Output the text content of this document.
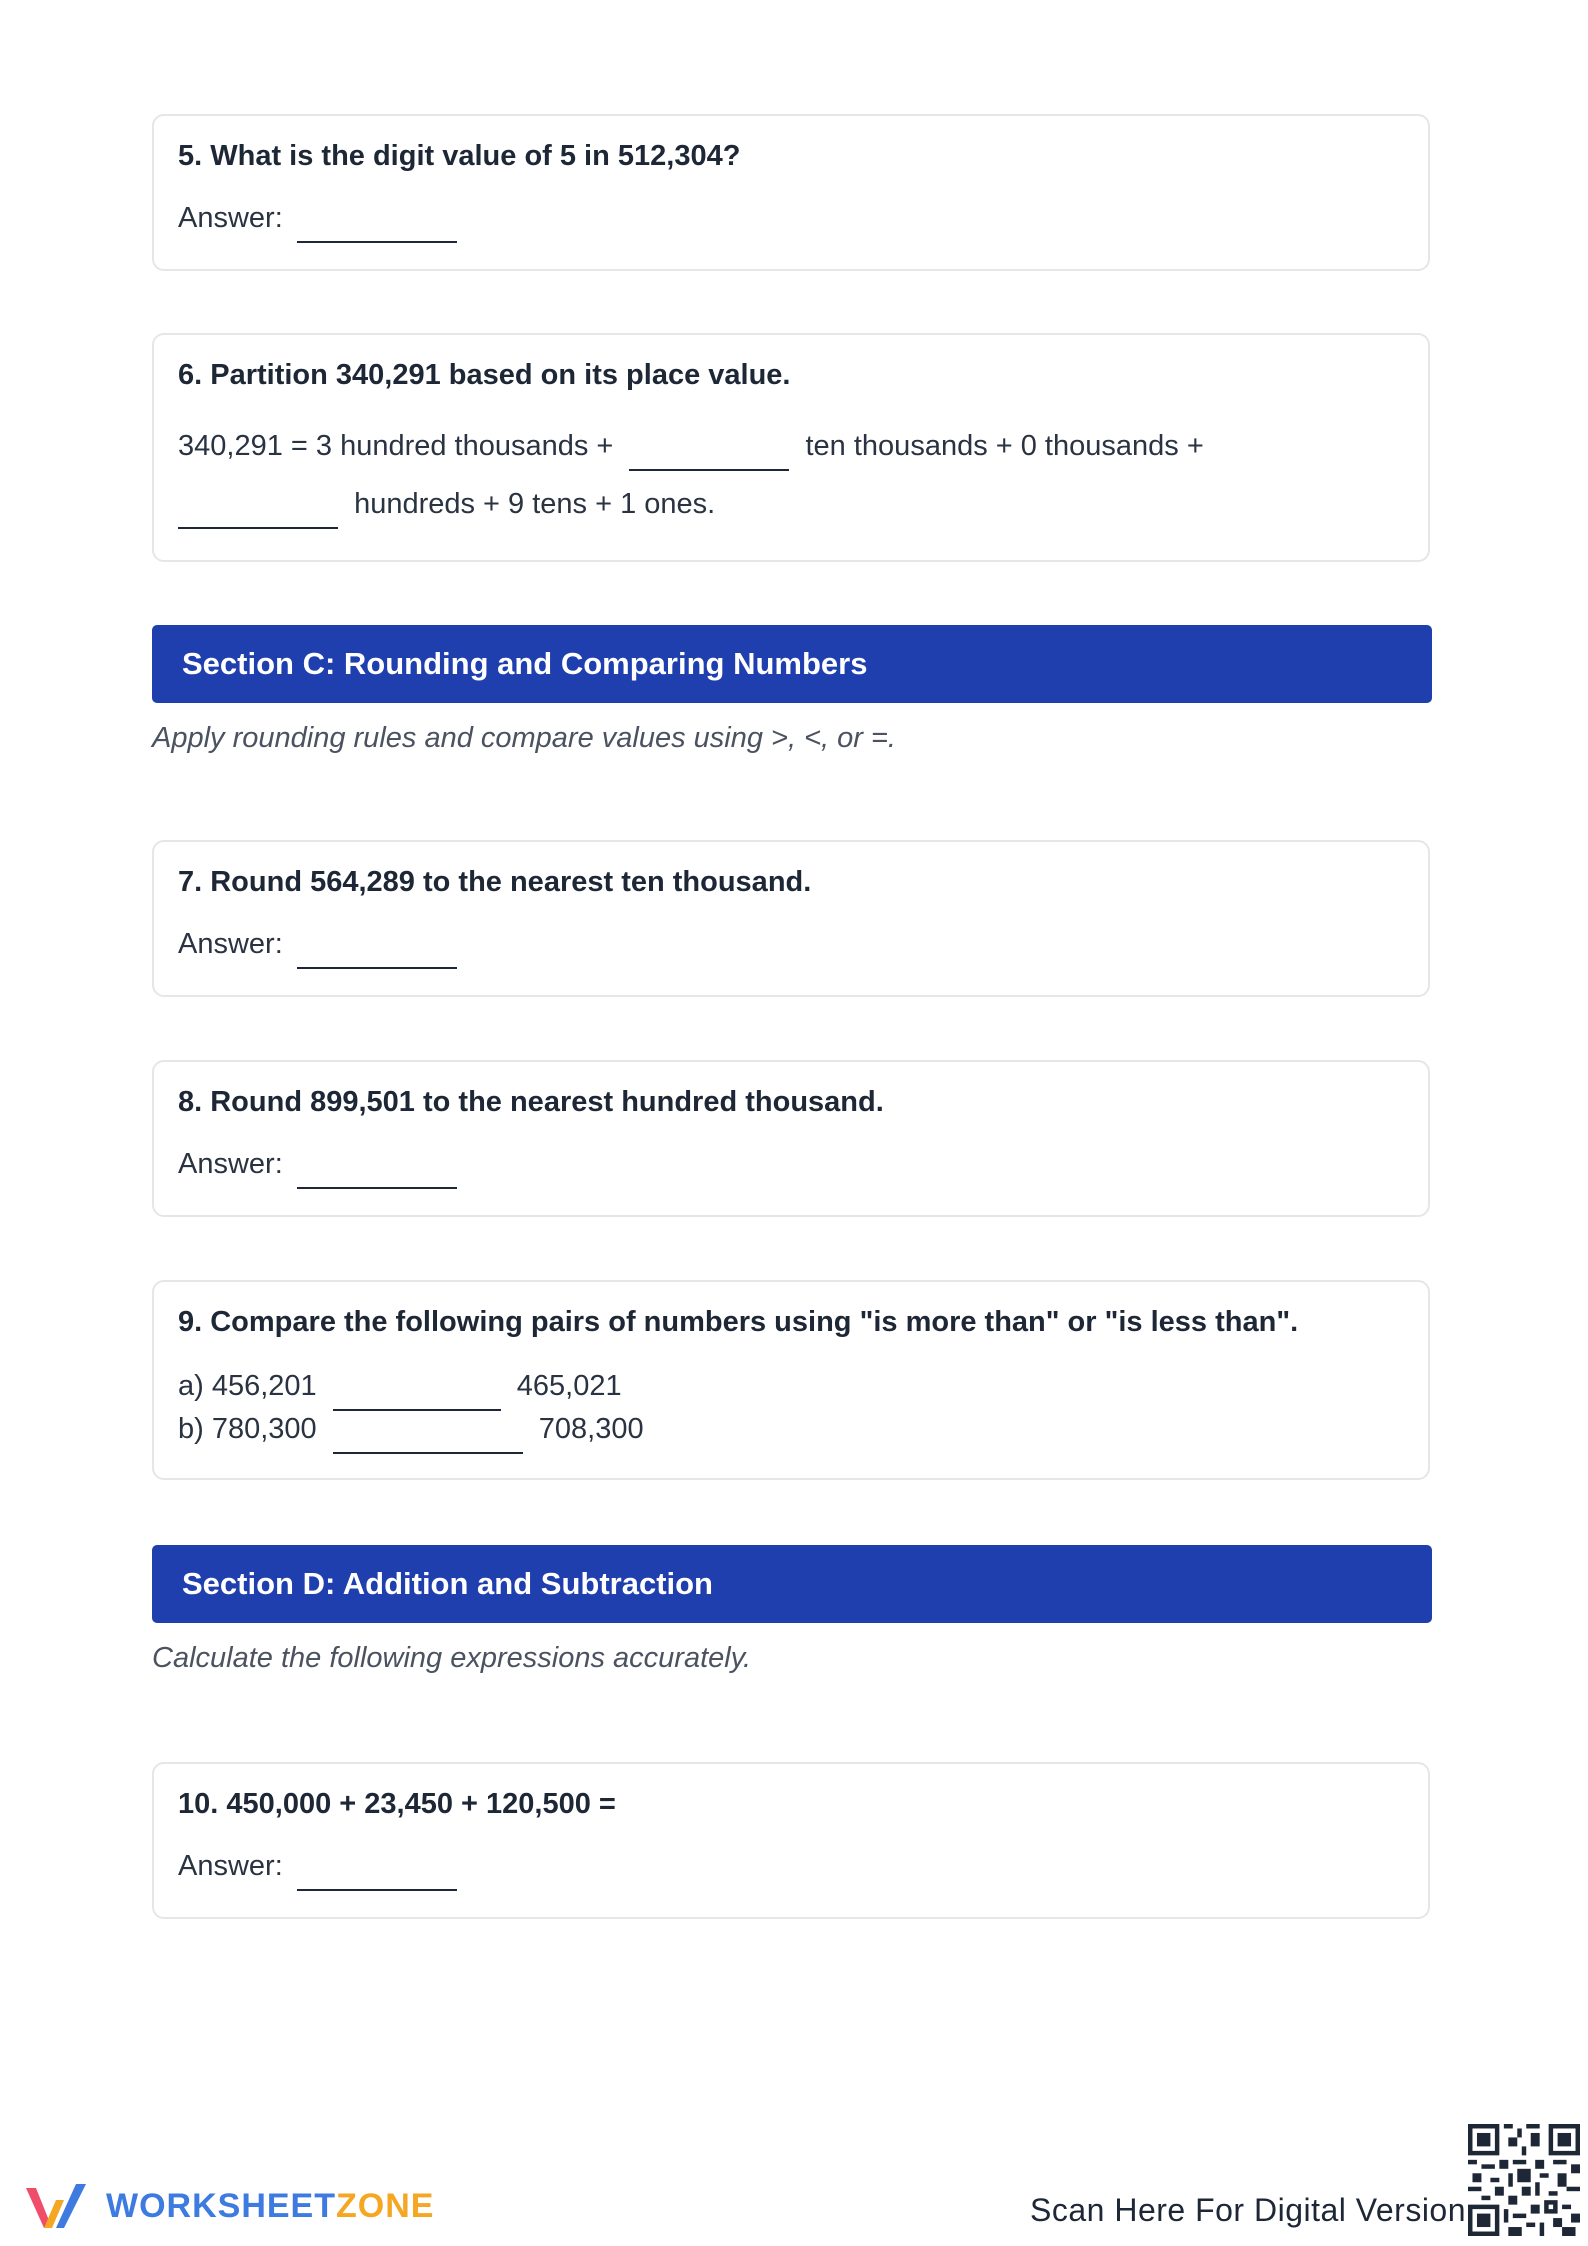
5. What is the digit value of 5 in 512,304?
Answer:
6. Partition 340,291 based on its place value.
340,291 = 3 hundred thousands +	ten thousands + 0 thousands +
hundreds + 9 tens + 1 ones.
Section C: Rounding and Comparing Numbers
Apply rounding rules and compare values using >, <, or =.
7. Round 564,289 to the nearest ten thousand.
Answer:
8. Round 899,501 to the nearest hundred thousand.
Answer:
9. Compare the following pairs of numbers using "is more than" or "is less than".
a) 456,201	465,021
b) 780,300	708,300
Section D: Addition and Subtraction
Calculate the following expressions accurately.
10. 450,000 + 23,450 + 120,500 =
Answer:
WORKSHEETZONE	Scan Here For Digital Version
